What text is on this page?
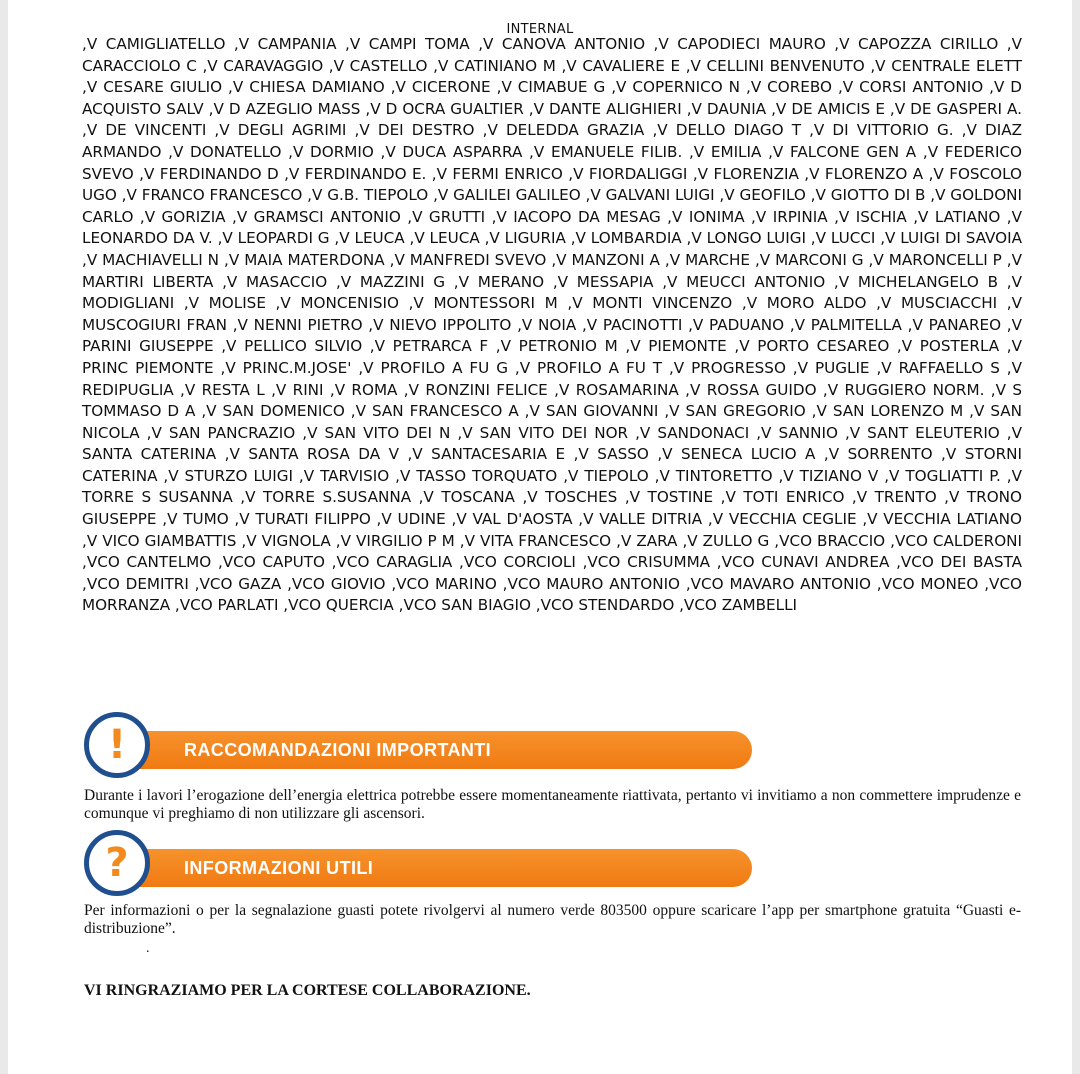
INTERNAL

,V CAMIGLIATELLO ,V CAMPANIA ,V CAMPI TOMA ,V CANOVA ANTONIO ,V CAPODIECI MAURO ,V CAPOZZA CIRILLO ,V CARACCIOLO C ,V CARAVAGGIO ,V CASTELLO ,V CATINIANO M ,V CAVALIERE E ,V CELLINI BENVENUTO ,V CENTRALE ELETT ,V CESARE GIULIO ,V CHIESA DAMIANO ,V CICERONE ,V CIMABUE G ,V COPERNICO N ,V COREBO ,V CORSI ANTONIO ,V D ACQUISTO SALV ,V D AZEGLIO MASS ,V D OCRA GUALTIER ,V DANTE ALIGHIERI ,V DAUNIA ,V DE AMICIS E ,V DE GASPERI A. ,V DE VINCENTI ,V DEGLI AGRIMI ,V DEI DESTRO ,V DELEDDA GRAZIA ,V DELLO DIAGO T ,V DI VITTORIO G. ,V DIAZ ARMANDO ,V DONATELLO ,V DORMIO ,V DUCA ASPARRA ,V EMANUELE FILIB. ,V EMILIA ,V FALCONE GEN A ,V FEDERICO SVEVO ,V FERDINANDO D ,V FERDINANDO E. ,V FERMI ENRICO ,V FIORDALIGGI ,V FLORENZIA ,V FLORENZO A ,V FOSCOLO UGO ,V FRANCO FRANCESCO ,V G.B. TIEPOLO ,V GALILEI GALILEO ,V GALVANI LUIGI ,V GEOFILO ,V GIOTTO DI B ,V GOLDONI CARLO ,V GORIZIA ,V GRAMSCI ANTONIO ,V GRUTTI ,V IACOPO DA MESAG ,V IONIMA ,V IRPINIA ,V ISCHIA ,V LATIANO ,V LEONARDO DA V. ,V LEOPARDI G ,V LEUCA ,V LEUCA ,V LIGURIA ,V LOMBARDIA ,V LONGO LUIGI ,V LUCCI ,V LUIGI DI SAVOIA ,V MACHIAVELLI N ,V MAIA MATERDONA ,V MANFREDI SVEVO ,V MANZONI A ,V MARCHE ,V MARCONI G ,V MARONCELLI P ,V MARTIRI LIBERTA ,V MASACCIO ,V MAZZINI G ,V MERANO ,V MESSAPIA ,V MEUCCI ANTONIO ,V MICHELANGELO B ,V MODIGLIANI ,V MOLISE ,V MONCENISIO ,V MONTESSORI M ,V MONTI VINCENZO ,V MORO ALDO ,V MUSCIACCHI ,V MUSCOGIURI FRAN ,V NENNI PIETRO ,V NIEVO IPPOLITO ,V NOIA ,V PACINOTTI ,V PADUANO ,V PALMITELLA ,V PANAREO ,V PARINI GIUSEPPE ,V PELLICO SILVIO ,V PETRARCA F ,V PETRONIO M ,V PIEMONTE ,V PORTO CESAREO ,V POSTERLA ,V PRINC PIEMONTE ,V PRINC.M.JOSE' ,V PROFILO A FU G ,V PROFILO A FU T ,V PROGRESSO ,V PUGLIE ,V RAFFAELLO S ,V REDIPUGLIA ,V RESTA L ,V RINI ,V ROMA ,V RONZINI FELICE ,V ROSAMARINA ,V ROSSA GUIDO ,V RUGGIERO NORM. ,V S TOMMASO D A ,V SAN DOMENICO ,V SAN FRANCESCO A ,V SAN GIOVANNI ,V SAN GREGORIO ,V SAN LORENZO M ,V SAN NICOLA ,V SAN PANCRAZIO ,V SAN VITO DEI N ,V SAN VITO DEI NOR ,V SANDONACI ,V SANNIO ,V SANT ELEUTERIO ,V SANTA CATERINA ,V SANTA ROSA DA V ,V SANTACESARIA E ,V SASSO ,V SENECA LUCIO A ,V SORRENTO ,V STORNI CATERINA ,V STURZO LUIGI ,V TARVISIO ,V TASSO TORQUATO ,V TIEPOLO ,V TINTORETTO ,V TIZIANO V ,V TOGLIATTI P. ,V TORRE S SUSANNA ,V TORRE S.SUSANNA ,V TOSCANA ,V TOSCHES ,V TOSTINE ,V TOTI ENRICO ,V TRENTO ,V TRONO GIUSEPPE ,V TUMO ,V TURATI FILIPPO ,V UDINE ,V VAL D'AOSTA ,V VALLE DITRIA ,V VECCHIA CEGLIE ,V VECCHIA LATIANO ,V VICO GIAMBATTIS ,V VIGNOLA ,V VIRGILIO P M ,V VITA FRANCESCO ,V ZARA ,V ZULLO G ,VCO BRACCIO ,VCO CALDERONI ,VCO CANTELMO ,VCO CAPUTO ,VCO CARAGLIA ,VCO CORCIOLI ,VCO CRISUMMA ,VCO CUNAVI ANDREA ,VCO DEI BASTA ,VCO DEMITRI ,VCO GAZA ,VCO GIOVIO ,VCO MARINO ,VCO MAURO ANTONIO ,VCO MAVARO ANTONIO ,VCO MONEO ,VCO MORRANZA ,VCO PARLATI ,VCO QUERCIA ,VCO SAN BIAGIO ,VCO STENDARDO ,VCO ZAMBELLI

RACCOMANDAZIONI IMPORTANTI
!

Durante i lavori l’erogazione dell’energia elettrica potrebbe essere momentaneamente riattivata, pertanto vi invitiamo a non commettere imprudenze e comunque vi preghiamo di non utilizzare gli ascensori.

INFORMAZIONI UTILI
?

Per informazioni o per la segnalazione guasti potete rivolgervi al numero verde 803500 oppure scaricare l’app per smartphone gratuita “Guasti e-distribuzione”.

.
VI RINGRAZIAMO PER LA CORTESE COLLABORAZIONE.
